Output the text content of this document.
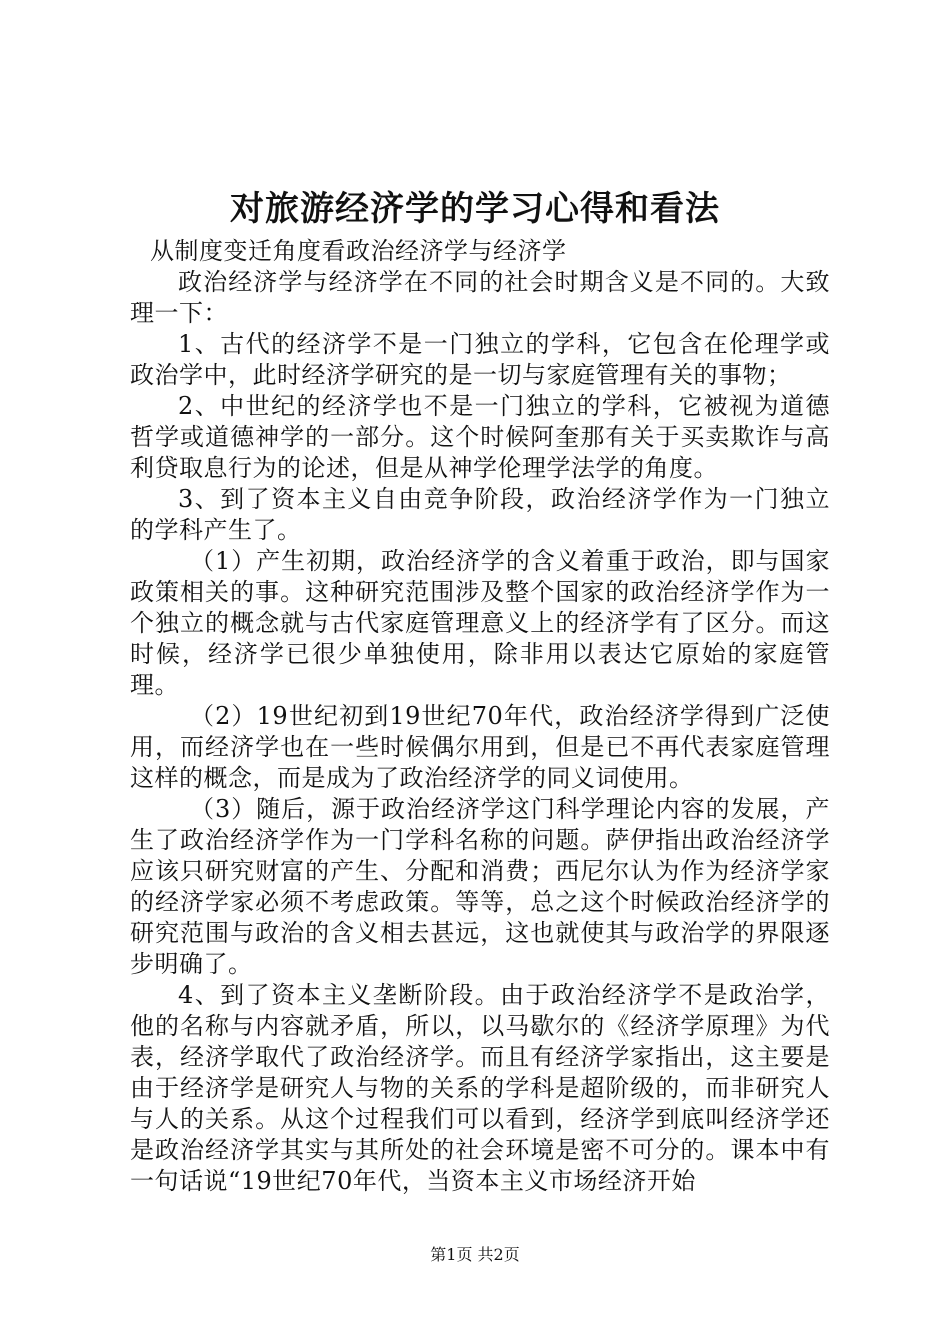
对旅游经济学的学习心得和看法

从制度变迁角度看政治经济学与经济学

政治经济学与经济学在不同的社会时期含义是不同的。大致理一下：

1、古代的经济学不是一门独立的学科，它包含在伦理学或政治学中，此时经济学研究的是一切与家庭管理有关的事物；

2、中世纪的经济学也不是一门独立的学科，它被视为道德哲学或道德神学的一部分。这个时候阿奎那有关于买卖欺诈与高利贷取息行为的论述，但是从神学伦理学法学的角度。

3、到了资本主义自由竞争阶段，政治经济学作为一门独立的学科产生了。

（1）产生初期，政治经济学的含义着重于政治，即与国家政策相关的事。这种研究范围涉及整个国家的政治经济学作为一个独立的概念就与古代家庭管理意义上的经济学有了区分。而这时候，经济学已很少单独使用，除非用以表达它原始的家庭管理。

（2）19世纪初到19世纪70年代，政治经济学得到广泛使用，而经济学也在一些时候偶尔用到，但是已不再代表家庭管理这样的概念，而是成为了政治经济学的同义词使用。

（3）随后，源于政治经济学这门科学理论内容的发展，产生了政治经济学作为一门学科名称的问题。萨伊指出政治经济学应该只研究财富的产生、分配和消费；西尼尔认为作为经济学家的经济学家必须不考虑政策。等等，总之这个时候政治经济学的研究范围与政治的含义相去甚远，这也就使其与政治学的界限逐步明确了。

4、到了资本主义垄断阶段。由于政治经济学不是政治学，他的名称与内容就矛盾，所以，以马歇尔的《经济学原理》为代表，经济学取代了政治经济学。而且有经济学家指出，这主要是由于经济学是研究人与物的关系的学科是超阶级的，而非研究人与人的关系。从这个过程我们可以看到，经济学到底叫经济学还是政治经济学其实与其所处的社会环境是密不可分的。课本中有一句话说“19世纪70年代，当资本主义市场经济开始

第1页 共2页
